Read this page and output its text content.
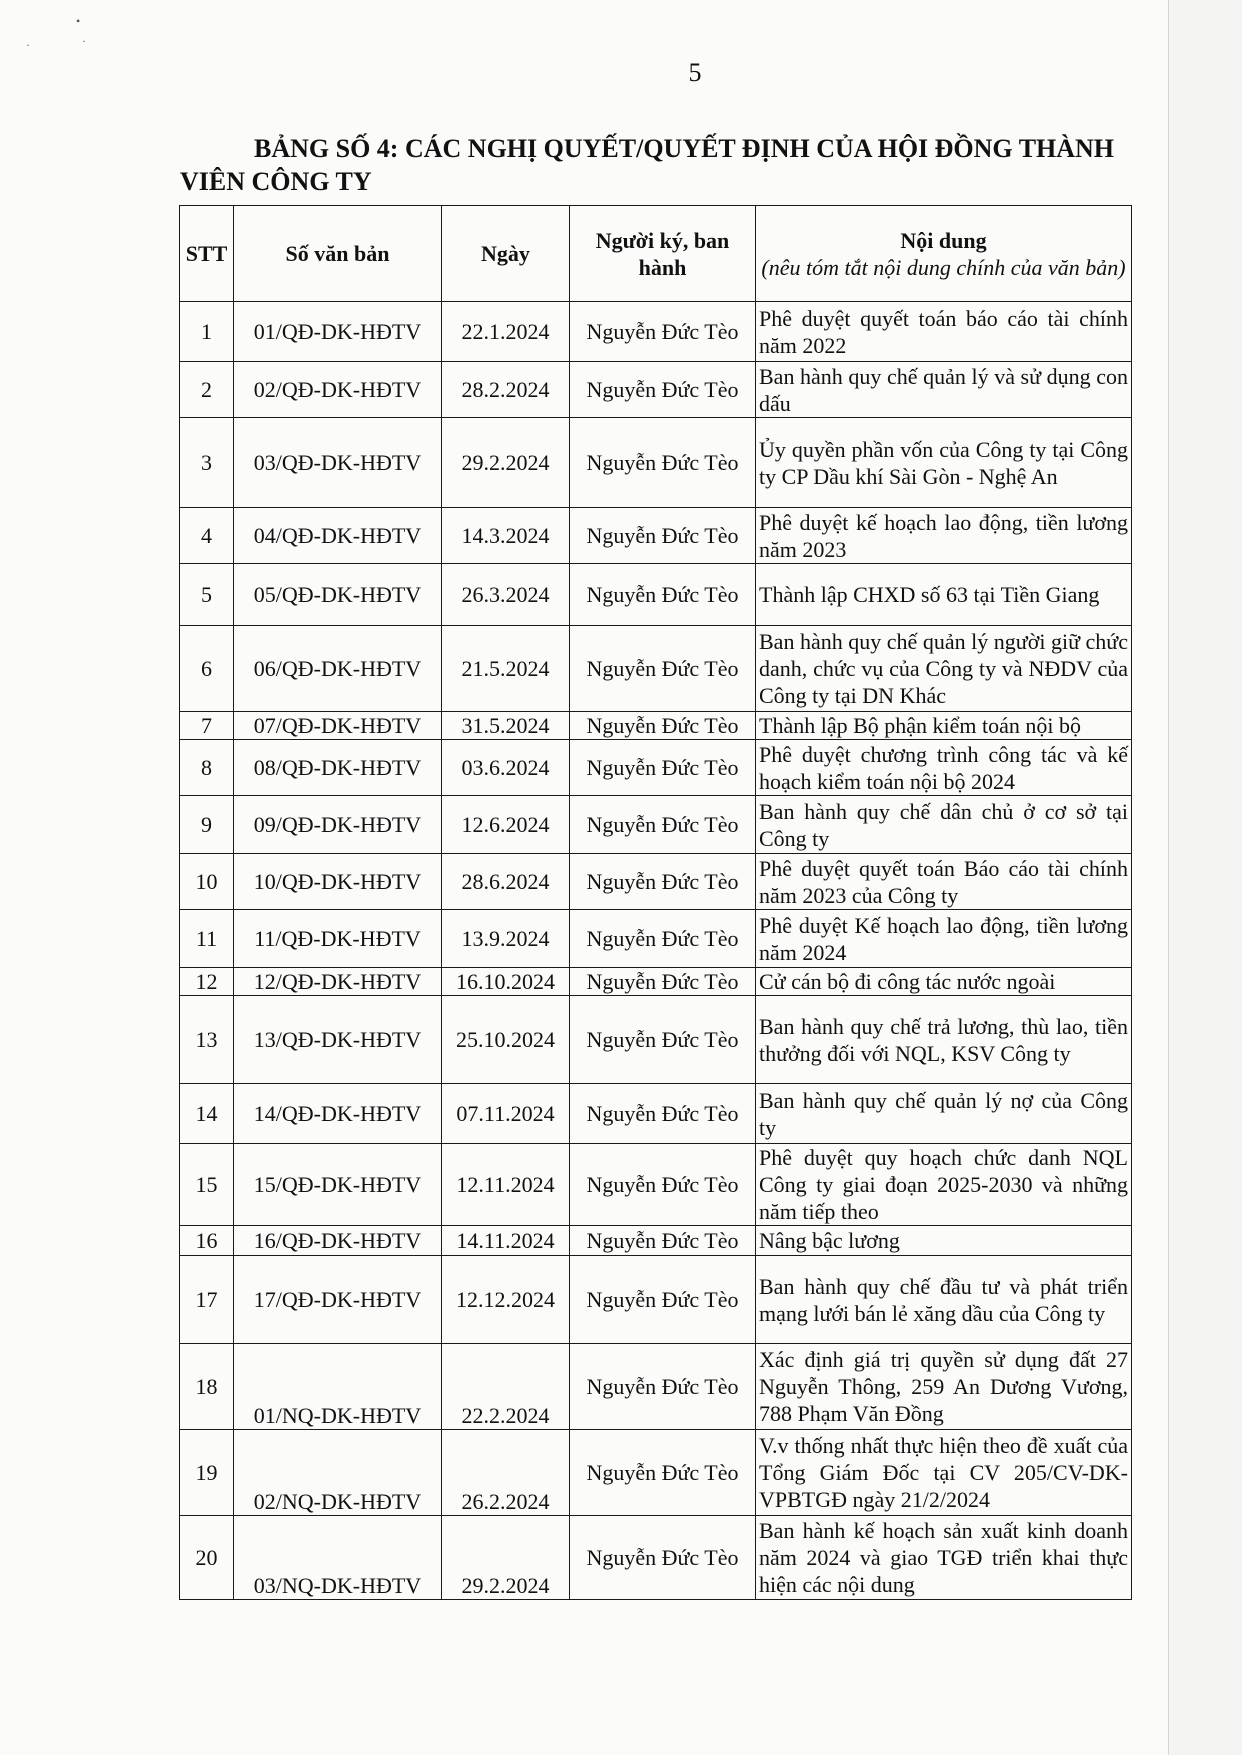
•
·	·
5
BẢNG SỐ 4: CÁC NGHỊ QUYẾT/QUYẾT ĐỊNH CỦA HỘI ĐỒNG THÀNH
VIÊN CÔNG TY
STT	Số văn bản	Ngày	Người ký, ban hành	Nội dung
(nêu tóm tắt nội dung chính của văn bản)

1	01/QĐ-DK-HĐTV	22.1.2024	Nguyễn Đức Tèo	Phê duyệt quyết toán báo cáo tài chính năm 2022
2	02/QĐ-DK-HĐTV	28.2.2024	Nguyễn Đức Tèo	Ban hành quy chế quản lý và sử dụng con dấu
3	03/QĐ-DK-HĐTV	29.2.2024	Nguyễn Đức Tèo	Ủy quyền phần vốn của Công ty tại Công ty CP Dầu khí Sài Gòn - Nghệ An
4	04/QĐ-DK-HĐTV	14.3.2024	Nguyễn Đức Tèo	Phê duyệt kế hoạch lao động, tiền lương năm 2023
5	05/QĐ-DK-HĐTV	26.3.2024	Nguyễn Đức Tèo	Thành lập CHXD số 63 tại Tiền Giang
6	06/QĐ-DK-HĐTV	21.5.2024	Nguyễn Đức Tèo	Ban hành quy chế quản lý người giữ chức danh, chức vụ của Công ty và NĐDV của Công ty tại DN Khác
7	07/QĐ-DK-HĐTV	31.5.2024	Nguyễn Đức Tèo	Thành lập Bộ phận kiểm toán nội bộ
8	08/QĐ-DK-HĐTV	03.6.2024	Nguyễn Đức Tèo	Phê duyệt chương trình công tác và kế hoạch kiểm toán nội bộ 2024
9	09/QĐ-DK-HĐTV	12.6.2024	Nguyễn Đức Tèo	Ban hành quy chế dân chủ ở cơ sở tại Công ty
10	10/QĐ-DK-HĐTV	28.6.2024	Nguyễn Đức Tèo	Phê duyệt quyết toán Báo cáo tài chính năm 2023 của Công ty
11	11/QĐ-DK-HĐTV	13.9.2024	Nguyễn Đức Tèo	Phê duyệt Kế hoạch lao động, tiền lương năm 2024
12	12/QĐ-DK-HĐTV	16.10.2024	Nguyễn Đức Tèo	Cử cán bộ đi công tác nước ngoài
13	13/QĐ-DK-HĐTV	25.10.2024	Nguyễn Đức Tèo	Ban hành quy chế trả lương, thù lao, tiền thưởng đối với NQL, KSV Công ty
14	14/QĐ-DK-HĐTV	07.11.2024	Nguyễn Đức Tèo	Ban hành quy chế quản lý nợ của Công ty
15	15/QĐ-DK-HĐTV	12.11.2024	Nguyễn Đức Tèo	Phê duyệt quy hoạch chức danh NQL Công ty giai đoạn 2025-2030 và những năm tiếp theo
16	16/QĐ-DK-HĐTV	14.11.2024	Nguyễn Đức Tèo	Nâng bậc lương
17	17/QĐ-DK-HĐTV	12.12.2024	Nguyễn Đức Tèo	Ban hành quy chế đầu tư và phát triển mạng lưới bán lẻ xăng dầu của Công ty
18	01/NQ-DK-HĐTV	22.2.2024	Nguyễn Đức Tèo	Xác định giá trị quyền sử dụng đất 27 Nguyễn Thông, 259 An Dương Vương, 788 Phạm Văn Đồng
19	02/NQ-DK-HĐTV	26.2.2024	Nguyễn Đức Tèo	V.v thống nhất thực hiện theo đề xuất của Tổng Giám Đốc tại CV 205/CV-DK-VPBTGĐ ngày 21/2/2024
20	03/NQ-DK-HĐTV	29.2.2024	Nguyễn Đức Tèo	Ban hành kế hoạch sản xuất kinh doanh năm 2024 và giao TGĐ triển khai thực hiện các nội dung
